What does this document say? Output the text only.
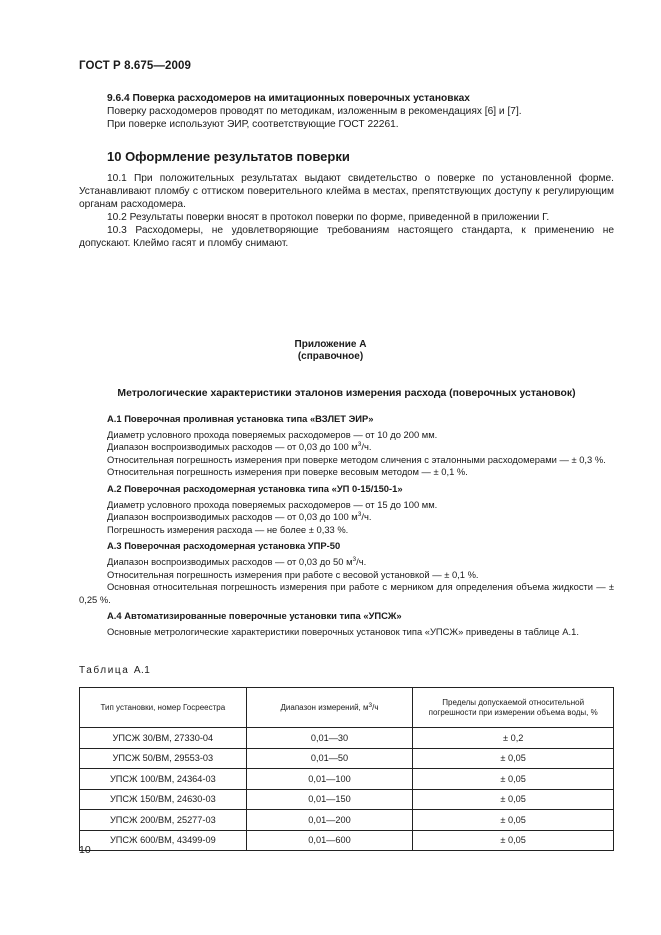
ГОСТ Р 8.675—2009

9.6.4 Поверка расходомеров на имитационных поверочных установках

Поверку расходомеров проводят по методикам, изложенным в рекомендациях [6] и [7].

При поверке используют ЭИР, соответствующие ГОСТ 22261.

10 Оформление результатов поверки

10.1 При положительных результатах выдают свидетельство о поверке по установленной форме. Устанавливают пломбу с оттиском поверительного клейма в местах, препятствующих доступу к регулирующим органам расходомера.

10.2 Результаты поверки вносят в протокол поверки по форме, приведенной в приложении Г.

10.3 Расходомеры, не удовлетворяющие требованиям настоящего стандарта, к применению не допускают. Клеймо гасят и пломбу снимают.

Приложение А
(справочное)
Метрологические характеристики эталонов измерения расхода (поверочных установок)

А.1 Поверочная проливная установка типа «ВЗЛЕТ ЭИР»

Диаметр условного прохода поверяемых расходомеров — от 10 до 200 мм.

Диапазон воспроизводимых расходов — от 0,03 до 100 $м^3/ч$.

Относительная погрешность измерения при поверке методом сличения с эталонными расходомерами — ± 0,3 %.

Относительная погрешность измерения при поверке весовым методом — ± 0,1 %.

А.2 Поверочная расходомерная установка типа «УП 0-15/150-1»

Диаметр условного прохода поверяемых расходомеров — от 15 до 100 мм.

Диапазон воспроизводимых расходов — от 0,03 до 100 $м^3/ч$.

Погрешность измерения расхода — не более ± 0,33 %.

А.3 Поверочная расходомерная установка УПР-50

Диапазон воспроизводимых расходов — от 0,03 до 50 $м^3/ч$.

Относительная погрешность измерения при работе с весовой установкой — ± 0,1 %.

Основная относительная погрешность измерения при работе с мерником для определения объема жидкости — ± 0,25 %.

А.4 Автоматизированные поверочные установки типа «УПСЖ»

Основные метрологические характеристики поверочных установок типа «УПСЖ» приведены в таблице А.1.

Таблица А.1
Тип установки, номер Госреестра	Диапазон измерений, $м^3/ч$	Пределы допускаемой относительной
погрешности при измерении объема воды, %
УПСЖ 30/ВМ, 27330-04	0,01—30	± 0,2
УПСЖ 50/ВМ, 29553-03	0,01—50	± 0,05
УПСЖ 100/ВМ, 24364-03	0,01—100	± 0,05
УПСЖ 150/ВМ, 24630-03	0,01—150	± 0,05
УПСЖ 200/ВМ, 25277-03	0,01—200	± 0,05
УПСЖ 600/ВМ, 43499-09	0,01—600	± 0,05
10
